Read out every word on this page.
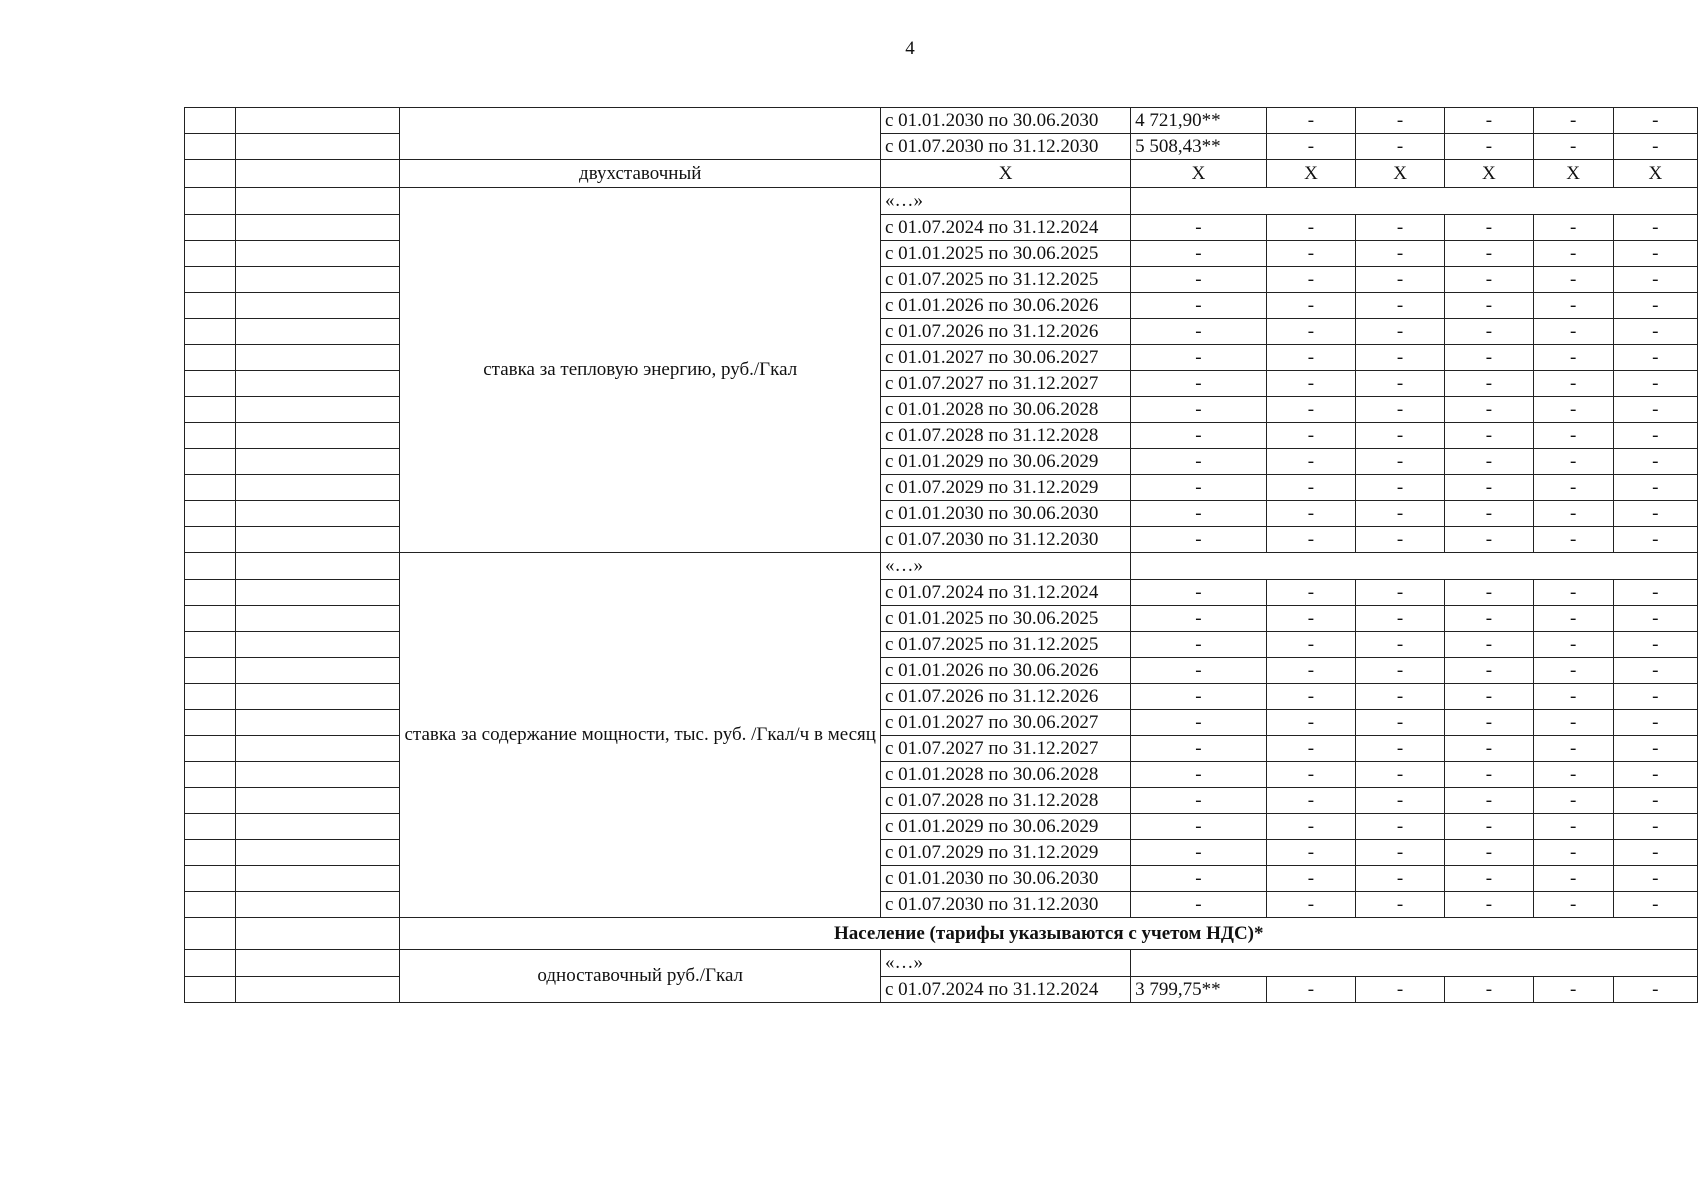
4
			с 01.01.2030 по 30.06.2030	4 721,90**	-	-	-	-	-
			с 01.07.2030 по 31.12.2030	5 508,43**	-	-	-	-	-
		двухставочный	X	X	X	X	X	X	X
		ставка за тепловую энергию, руб./Гкал	«…»						
			с 01.07.2024 по 31.12.2024	-	-	-	-	-	-
			с 01.01.2025 по 30.06.2025	-	-	-	-	-	-
			с 01.07.2025 по 31.12.2025	-	-	-	-	-	-
			с 01.01.2026 по 30.06.2026	-	-	-	-	-	-
			с 01.07.2026 по 31.12.2026	-	-	-	-	-	-
			с 01.01.2027 по 30.06.2027	-	-	-	-	-	-
			с 01.07.2027 по 31.12.2027	-	-	-	-	-	-
			с 01.01.2028 по 30.06.2028	-	-	-	-	-	-
			с 01.07.2028 по 31.12.2028	-	-	-	-	-	-
			с 01.01.2029 по 30.06.2029	-	-	-	-	-	-
			с 01.07.2029 по 31.12.2029	-	-	-	-	-	-
			с 01.01.2030 по 30.06.2030	-	-	-	-	-	-
			с 01.07.2030 по 31.12.2030	-	-	-	-	-	-
		ставка за содержание мощности, тыс. руб. /Гкал/ч в месяц	«…»						
			с 01.07.2024 по 31.12.2024	-	-	-	-	-	-
			с 01.01.2025 по 30.06.2025	-	-	-	-	-	-
			с 01.07.2025 по 31.12.2025	-	-	-	-	-	-
			с 01.01.2026 по 30.06.2026	-	-	-	-	-	-
			с 01.07.2026 по 31.12.2026	-	-	-	-	-	-
			с 01.01.2027 по 30.06.2027	-	-	-	-	-	-
			с 01.07.2027 по 31.12.2027	-	-	-	-	-	-
			с 01.01.2028 по 30.06.2028	-	-	-	-	-	-
			с 01.07.2028 по 31.12.2028	-	-	-	-	-	-
			с 01.01.2029 по 30.06.2029	-	-	-	-	-	-
			с 01.07.2029 по 31.12.2029	-	-	-	-	-	-
			с 01.01.2030 по 30.06.2030	-	-	-	-	-	-
			с 01.07.2030 по 31.12.2030	-	-	-	-	-	-
		Население (тарифы указываются с учетом НДС)*							
		одноставочный руб./Гкал	«…»						
			с 01.07.2024 по 31.12.2024	3 799,75**	-	-	-	-	-
